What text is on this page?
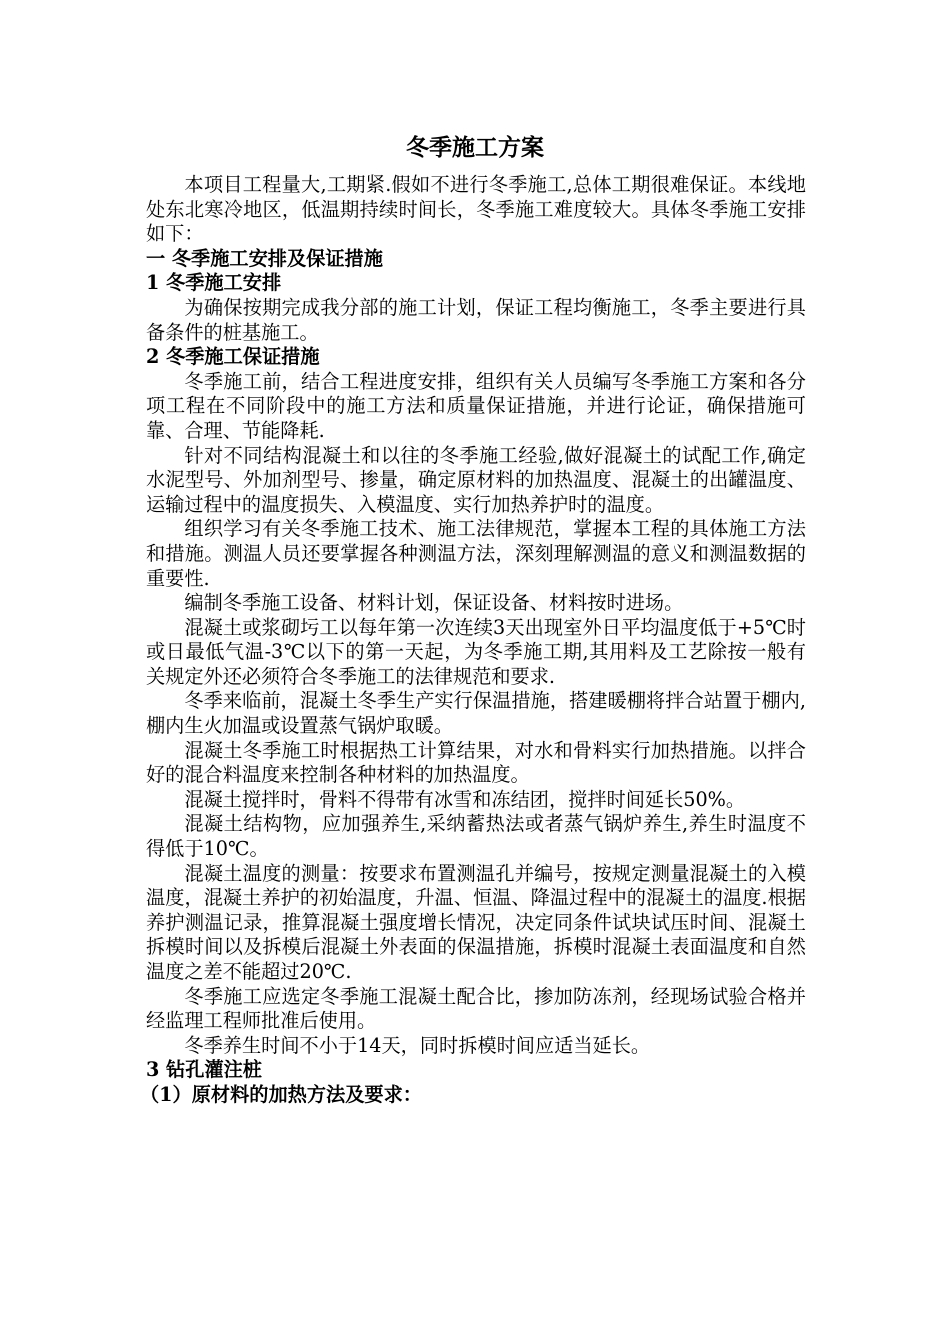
冬季施工方案

本项目工程量大,工期紧.假如不进行冬季施工,总体工期很难保证。本线地处东北寒冷地区，低温期持续时间长，冬季施工难度较大。具体冬季施工安排如下：

一 冬季施工安排及保证措施

1 冬季施工安排

为确保按期完成我分部的施工计划，保证工程均衡施工，冬季主要进行具备条件的桩基施工。

2 冬季施工保证措施

冬季施工前，结合工程进度安排，组织有关人员编写冬季施工方案和各分项工程在不同阶段中的施工方法和质量保证措施，并进行论证，确保措施可靠、合理、节能降耗.

针对不同结构混凝土和以往的冬季施工经验,做好混凝土的试配工作,确定水泥型号、外加剂型号、掺量，确定原材料的加热温度、混凝土的出罐温度、运输过程中的温度损失、入模温度、实行加热养护时的温度。

组织学习有关冬季施工技术、施工法律规范，掌握本工程的具体施工方法和措施。测温人员还要掌握各种测温方法，深刻理解测温的意义和测温数据的重要性.

编制冬季施工设备、材料计划，保证设备、材料按时进场。

混凝土或浆砌圬工以每年第一次连续3天出现室外日平均温度低于+5℃时或日最低气温-3℃以下的第一天起，为冬季施工期,其用料及工艺除按一般有关规定外还必须符合冬季施工的法律规范和要求.

冬季来临前，混凝土冬季生产实行保温措施，搭建暖棚将拌合站置于棚内,棚内生火加温或设置蒸气锅炉取暖。

混凝土冬季施工时根据热工计算结果，对水和骨料实行加热措施。以拌合好的混合料温度来控制各种材料的加热温度。

混凝土搅拌时，骨料不得带有冰雪和冻结团，搅拌时间延长50%。

混凝土结构物，应加强养生,采纳蓄热法或者蒸气锅炉养生,养生时温度不得低于10℃。

混凝土温度的测量：按要求布置测温孔并编号，按规定测量混凝土的入模温度，混凝土养护的初始温度，升温、恒温、降温过程中的混凝土的温度.根据养护测温记录，推算混凝土强度增长情况，决定同条件试块试压时间、混凝土拆模时间以及拆模后混凝土外表面的保温措施，拆模时混凝土表面温度和自然温度之差不能超过20℃.

冬季施工应选定冬季施工混凝土配合比，掺加防冻剂，经现场试验合格并经监理工程师批准后使用。

冬季养生时间不小于14天，同时拆模时间应适当延长。

3 钻孔灌注桩

（1）原材料的加热方法及要求：
